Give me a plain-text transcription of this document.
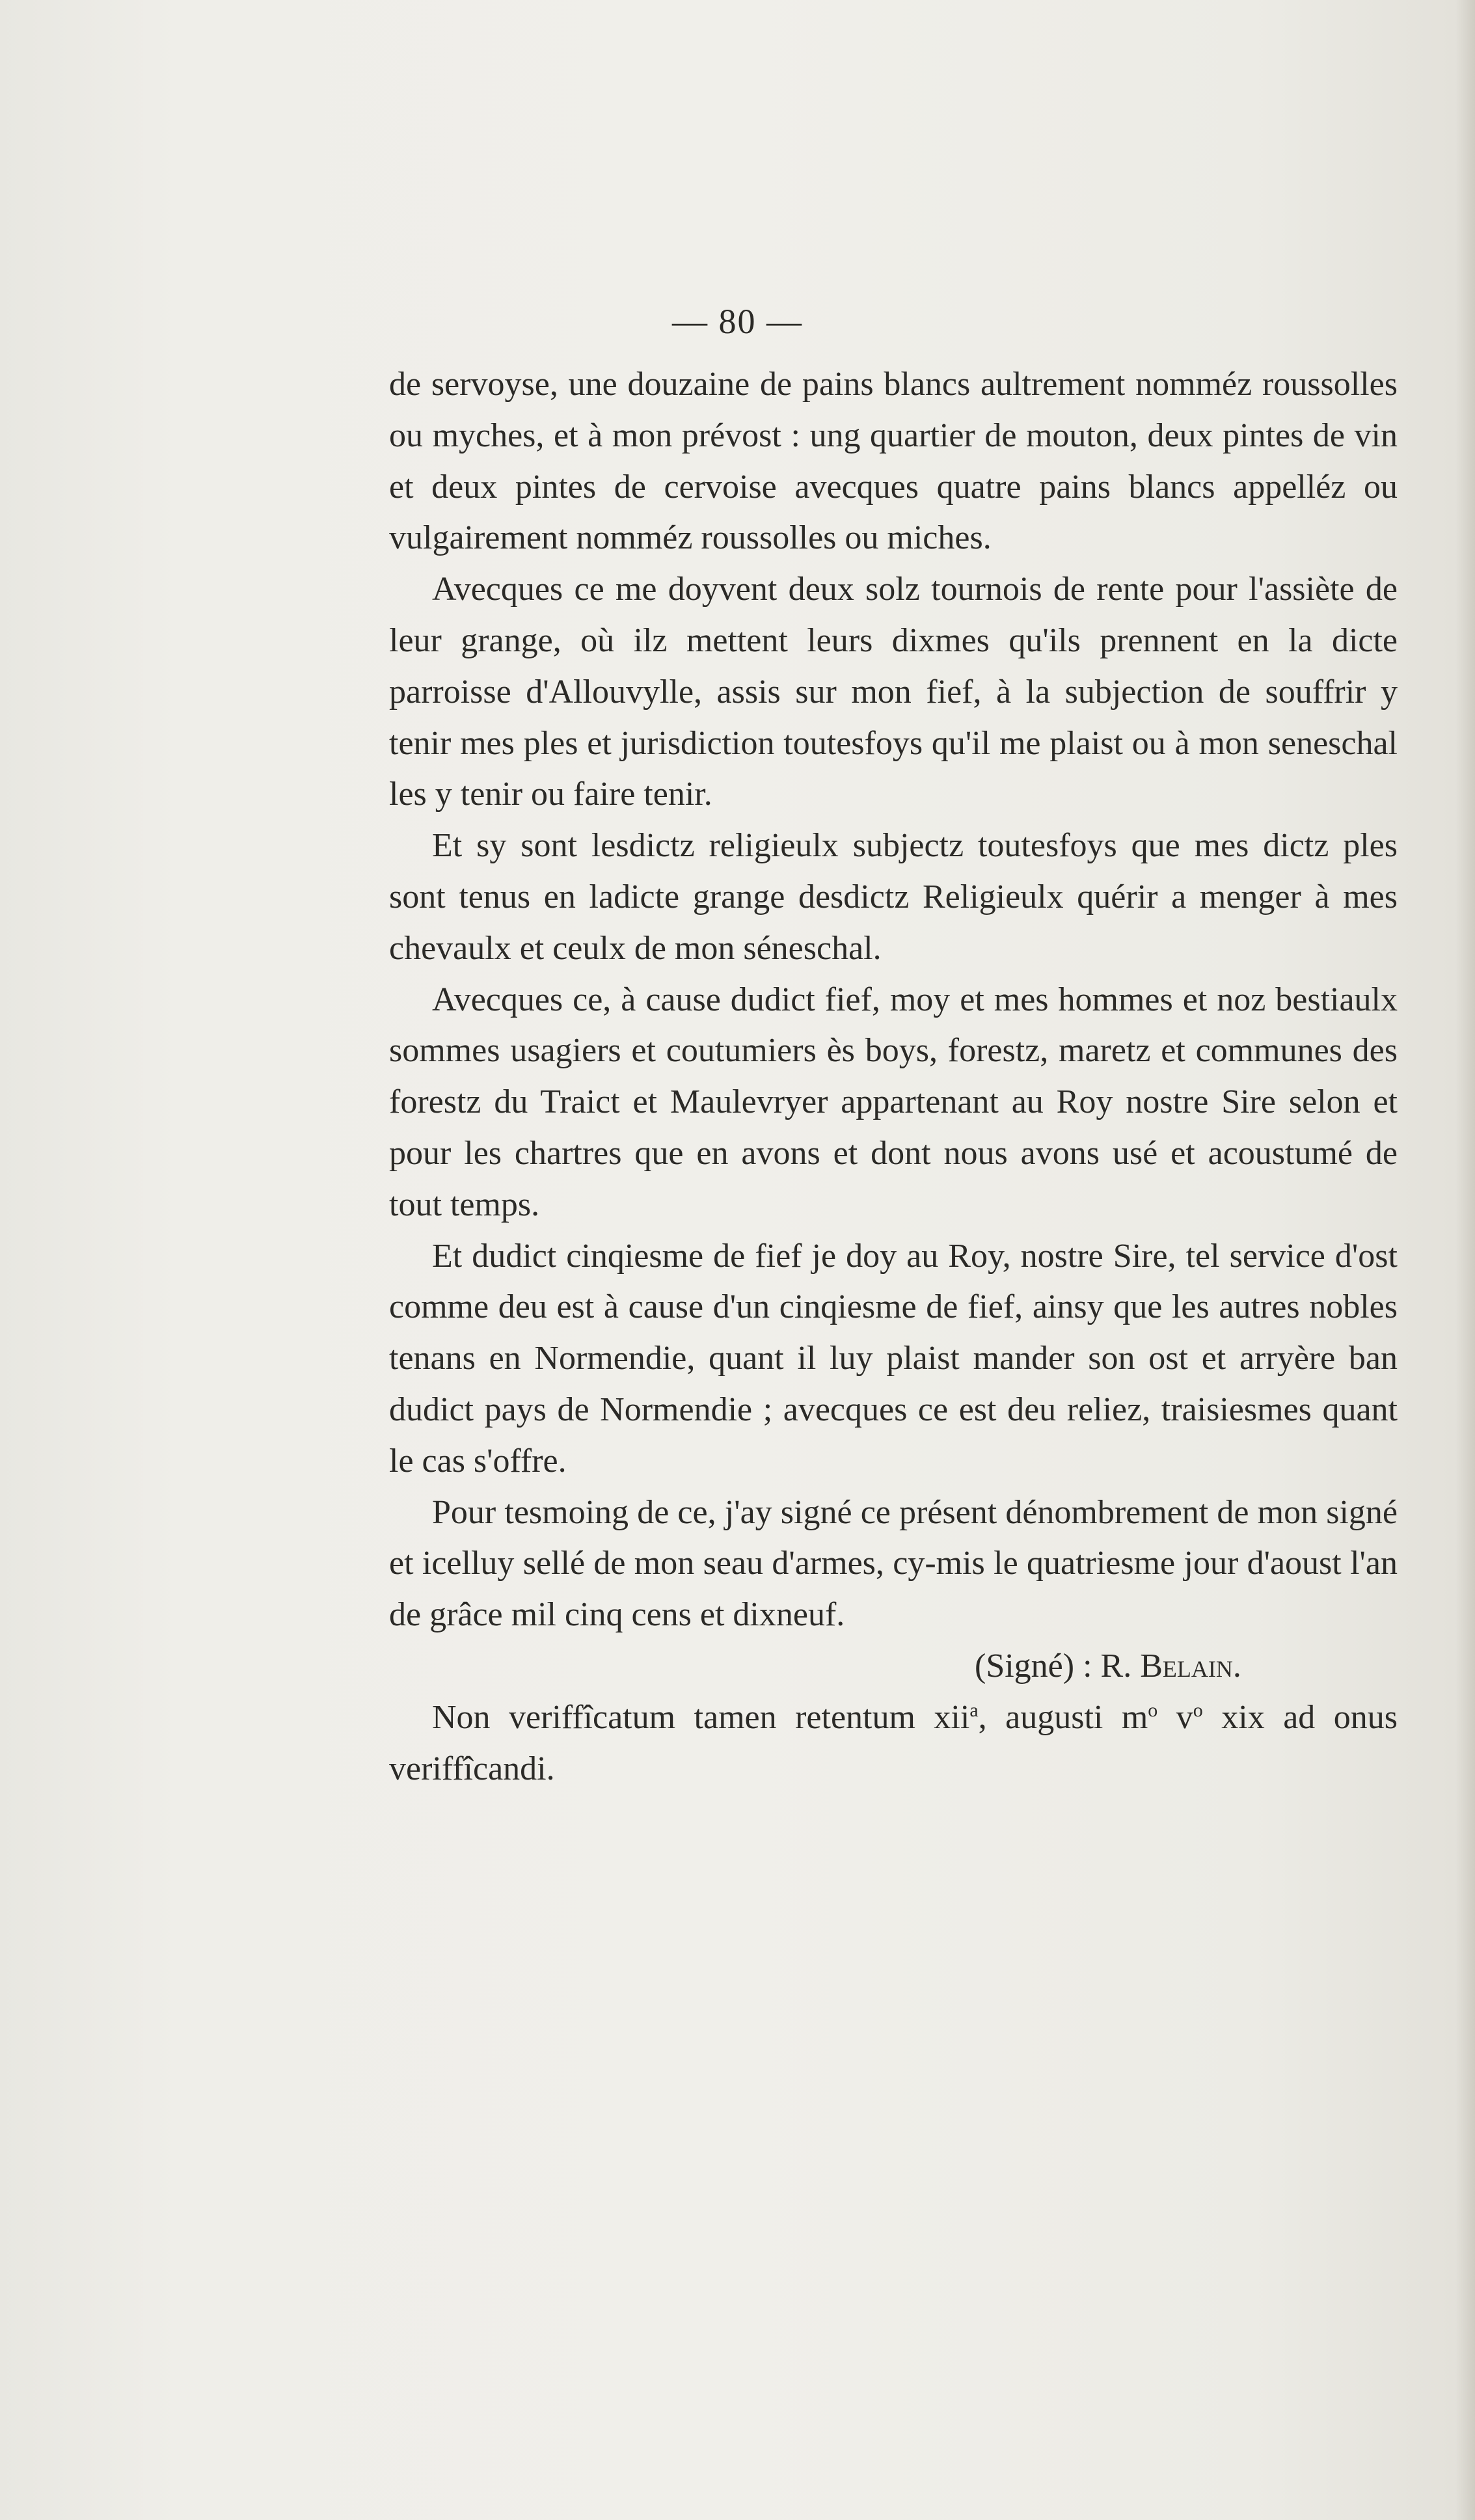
— 80 —

de servoyse, une douzaine de pains blancs aultrement nomméz roussolles ou myches, et à mon prévost : ung quartier de mouton, deux pintes de vin et deux pintes de cervoise avecques quatre pains blancs appelléz ou vulgairement nomméz roussolles ou miches.

Avecques ce me doyvent deux solz tournois de rente pour l'assiète de leur grange, où ilz mettent leurs dixmes qu'ils prennent en la dicte parroisse d'Allouvylle, assis sur mon fief, à la subjection de souffrir y tenir mes ples et jurisdiction toutesfoys qu'il me plaist ou à mon seneschal les y tenir ou faire tenir.

Et sy sont lesdictz religieulx subjectz toutesfoys que mes dictz ples sont tenus en ladicte grange desdictz Religieulx quérir a menger à mes chevaulx et ceulx de mon séneschal.

Avecques ce, à cause dudict fief, moy et mes hommes et noz bestiaulx sommes usagiers et coutumiers ès boys, forestz, maretz et communes des forestz du Traict et Maulevryer appartenant au Roy nostre Sire selon et pour les chartres que en avons et dont nous avons usé et acoustumé de tout temps.

Et dudict cinqiesme de fief je doy au Roy, nostre Sire, tel service d'ost comme deu est à cause d'un cinqiesme de fief, ainsy que les autres nobles tenans en Normendie, quant il luy plaist mander son ost et arryère ban dudict pays de Normendie ; avecques ce est deu reliez, traisiesmes quant le cas s'offre.

Pour tesmoing de ce, j'ay signé ce présent dénombrement de mon signé et icelluy sellé de mon seau d'armes, cy-mis le quatriesme jour d'aoust l'an de grâce mil cinq cens et dixneuf.

(Signé) : R. Belain.

Non veriffîcatum tamen retentum xii$^a$, augusti $m^o$ $v^o$ xix ad onus veriffîcandi.
